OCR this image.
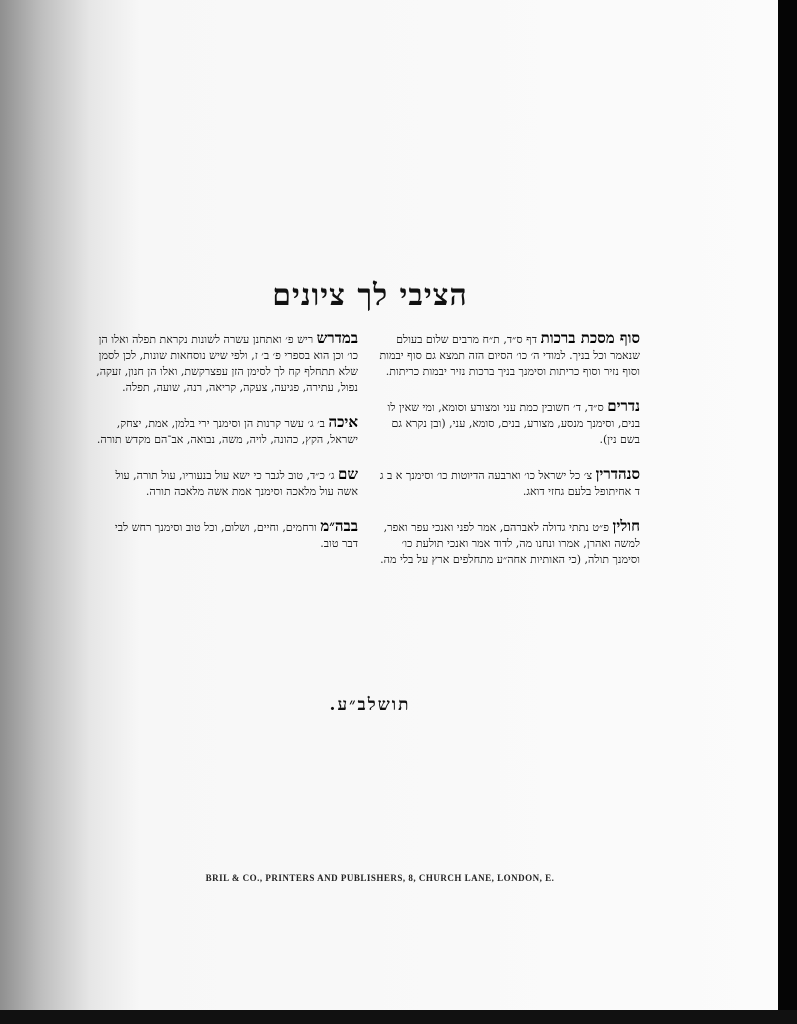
הציבי לך ציונים
סוף מסכת ברכות דף ס״ד, ת״ח מרבים שלום בעולם שנאמר וכל בניך. למודי ה׳ כו׳ הסיום הזה תמצא גם סוף יבמות וסוף נזיר וסוף כריתות וסימנך בניך ברכות נזיר יבמות כריתות.
נדרים ס״ד, ד׳ חשובין כמת עני ומצורע וסומא, ומי שאין לו בנים, וסימנך מנסע, מצורע, בנים, סומא, עני, (ובן נקרא גם בשם נין).
סנהדרין צ׳ כל ישראל כו׳ וארבעה הדיוטות כו׳ וסימנך א ב ג ד אחיתופל בלעם גחזי דואג.
חולין פ״ט נתתי גדולה לאברהם, אמר לפני ואנכי עפר ואפר, למשה ואהרן, אמרו ונחנו מה, לדוד אמר ואנכי תולעת כו׳ וסימנך תולה, (כי האותיות אחה״ע מתחלפים ארץ על בלי מה.
במדרש ריש פ׳ ואתחנן עשרה לשונות נקראת תפלה ואלו הן כו׳ וכן הוא בספרי פ׳ ב׳ ז, ולפי שיש נוסחאות שונות, לכן לסמן שלא תתחלף קח לך לסימן הזן עפצרקשת, ואלו הן חנון, זעקה, נפול, עתירה, פגיעה, צעקה, קריאה, רנה, שועה, תפלה.
איכה ב׳ ג׳ עשר קרנות הן וסימנך ירי בלמן, אמת, יצחק, ישראל, הקץ, כהונה, לויה, משה, נבואה, אב־הם מקדש תורה.
שם ג׳ כ״ד, טוב לגבר כי ישא עול בנעוריו, עול תורה, עול אשה עול מלאכה וסימנך אמת אשה מלאכה תורה.
בבה״מ ורחמים, וחיים, ושלום, וכל טוב וסימנך רחש לבי דבר טוב.
תושלב״ע.
BRIL & CO., PRINTERS AND PUBLISHERS, 8, CHURCH LANE, LONDON, E.
